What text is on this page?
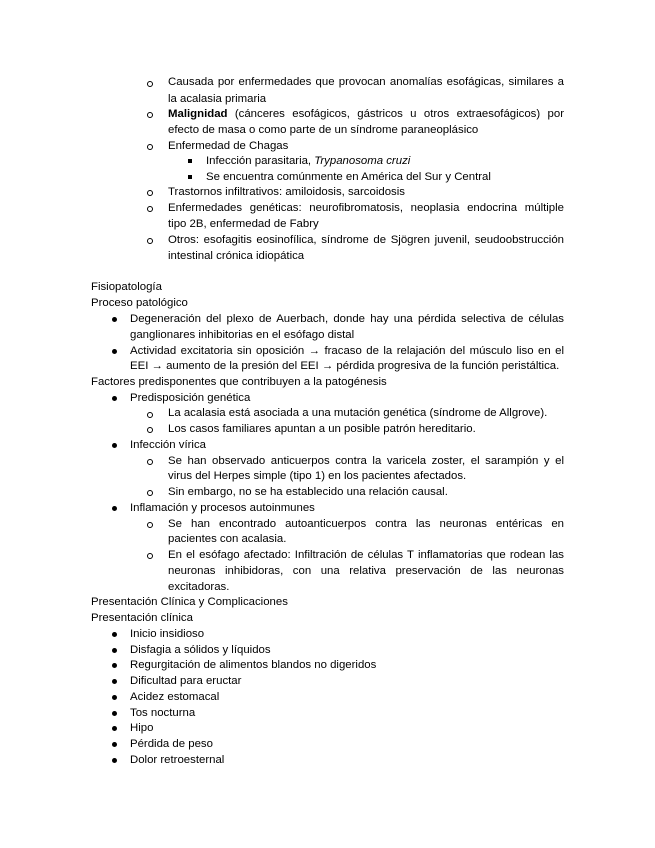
Causada por enfermedades que provocan anomalías esofágicas, similares a
la acalasia primaria
Malignidad (cánceres esofágicos, gástricos u otros extraesofágicos) por
efecto de masa o como parte de un síndrome paraneoplásico
Enfermedad de Chagas
Infección parasitaria, Trypanosoma cruzi
Se encuentra comúnmente en América del Sur y Central
Trastornos infiltrativos: amiloidosis, sarcoidosis
Enfermedades genéticas: neurofibromatosis, neoplasia endocrina múltiple
tipo 2B, enfermedad de Fabry
Otros: esofagitis eosinofílica, síndrome de Sjögren juvenil, seudoobstrucción
intestinal crónica idiopática
Fisiopatología
Proceso patológico
Degeneración del plexo de Auerbach, donde hay una pérdida selectiva de células
ganglionares inhibitorias en el esófago distal
Actividad excitatoria sin oposición → fracaso de la relajación del músculo liso en el
EEI → aumento de la presión del EEI → pérdida progresiva de la función peristáltica.
Factores predisponentes que contribuyen a la patogénesis
Predisposición genética
La acalasia está asociada a una mutación genética (síndrome de Allgrove).
Los casos familiares apuntan a un posible patrón hereditario.
Infección vírica
Se han observado anticuerpos contra la varicela zoster, el sarampión y el
virus del Herpes simple (tipo 1) en los pacientes afectados.
Sin embargo, no se ha establecido una relación causal.
Inflamación y procesos autoinmunes
Se han encontrado autoanticuerpos contra las neuronas entéricas en
pacientes con acalasia.
En el esófago afectado: Infiltración de células T inflamatorias que rodean las
neuronas inhibidoras, con una relativa preservación de las neuronas
excitadoras.
Presentación Clínica y Complicaciones
Presentación clínica
Inicio insidioso
Disfagia a sólidos y líquidos
Regurgitación de alimentos blandos no digeridos
Dificultad para eructar
Acidez estomacal
Tos nocturna
Hipo
Pérdida de peso
Dolor retroesternal
